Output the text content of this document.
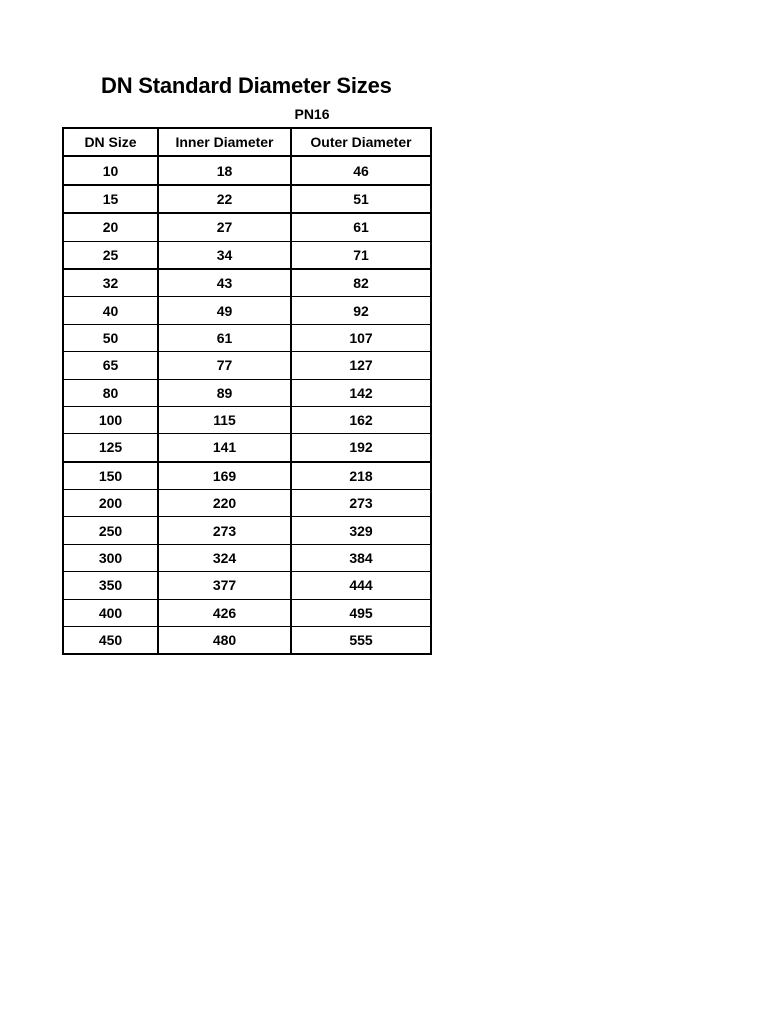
DN Standard Diameter Sizes
PN16
DN Size	Inner Diameter	Outer Diameter
10	18	46
15	22	51
20	27	61
25	34	71
32	43	82
40	49	92
50	61	107
65	77	127
80	89	142
100	115	162
125	141	192
150	169	218
200	220	273
250	273	329
300	324	384
350	377	444
400	426	495
450	480	555
